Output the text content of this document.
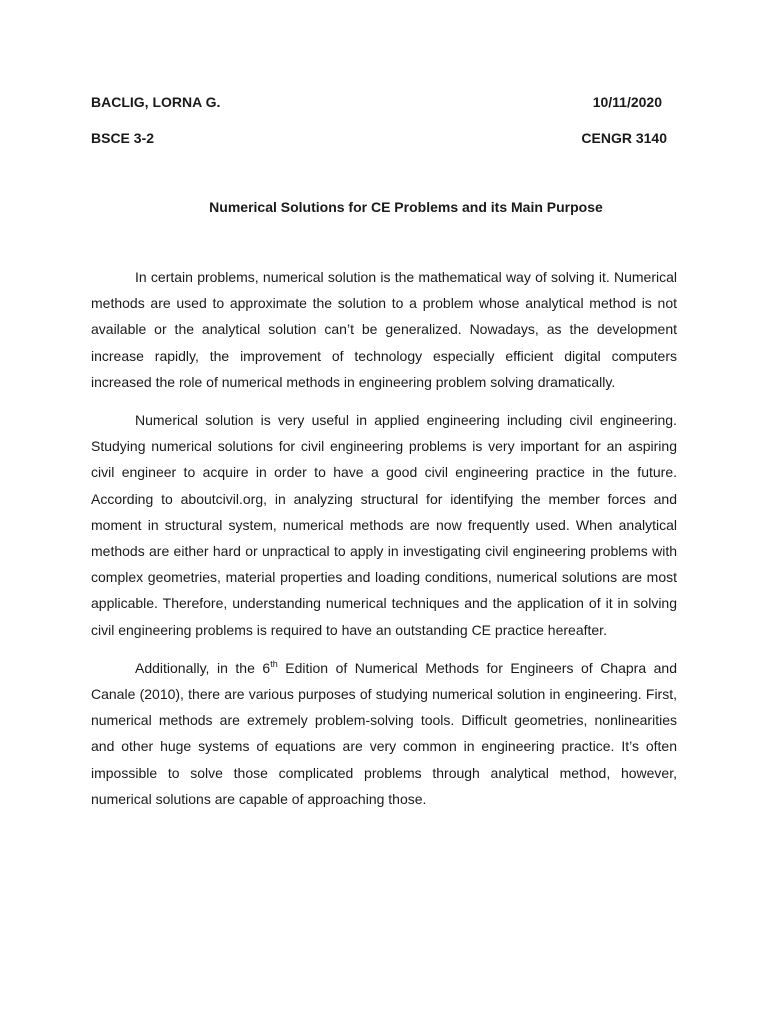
BACLIG, LORNA G.	10/11/2020
BSCE 3-2	CENGR 3140
Numerical Solutions for CE Problems and its Main Purpose

In certain problems, numerical solution is the mathematical way of solving it. Numerical methods are used to approximate the solution to a problem whose analytical method is not available or the analytical solution can’t be generalized. Nowadays, as the development increase rapidly, the improvement of technology especially efficient digital computers increased the role of numerical methods in engineering problem solving dramatically.

Numerical solution is very useful in applied engineering including civil engineering. Studying numerical solutions for civil engineering problems is very important for an aspiring civil engineer to acquire in order to have a good civil engineering practice in the future. According to aboutcivil.org, in analyzing structural for identifying the member forces and moment in structural system, numerical methods are now frequently used. When analytical methods are either hard or unpractical to apply in investigating civil engineering problems with complex geometries, material properties and loading conditions, numerical solutions are most applicable. Therefore, understanding numerical techniques and the application of it in solving civil engineering problems is required to have an outstanding CE practice hereafter.

Additionally, in the 6th Edition of Numerical Methods for Engineers of Chapra and Canale (2010), there are various purposes of studying numerical solution in engineering. First, numerical methods are extremely problem-solving tools. Difficult geometries, nonlinearities and other huge systems of equations are very common in engineering practice. It’s often impossible to solve those complicated problems through analytical method, however, numerical solutions are capable of approaching those.
